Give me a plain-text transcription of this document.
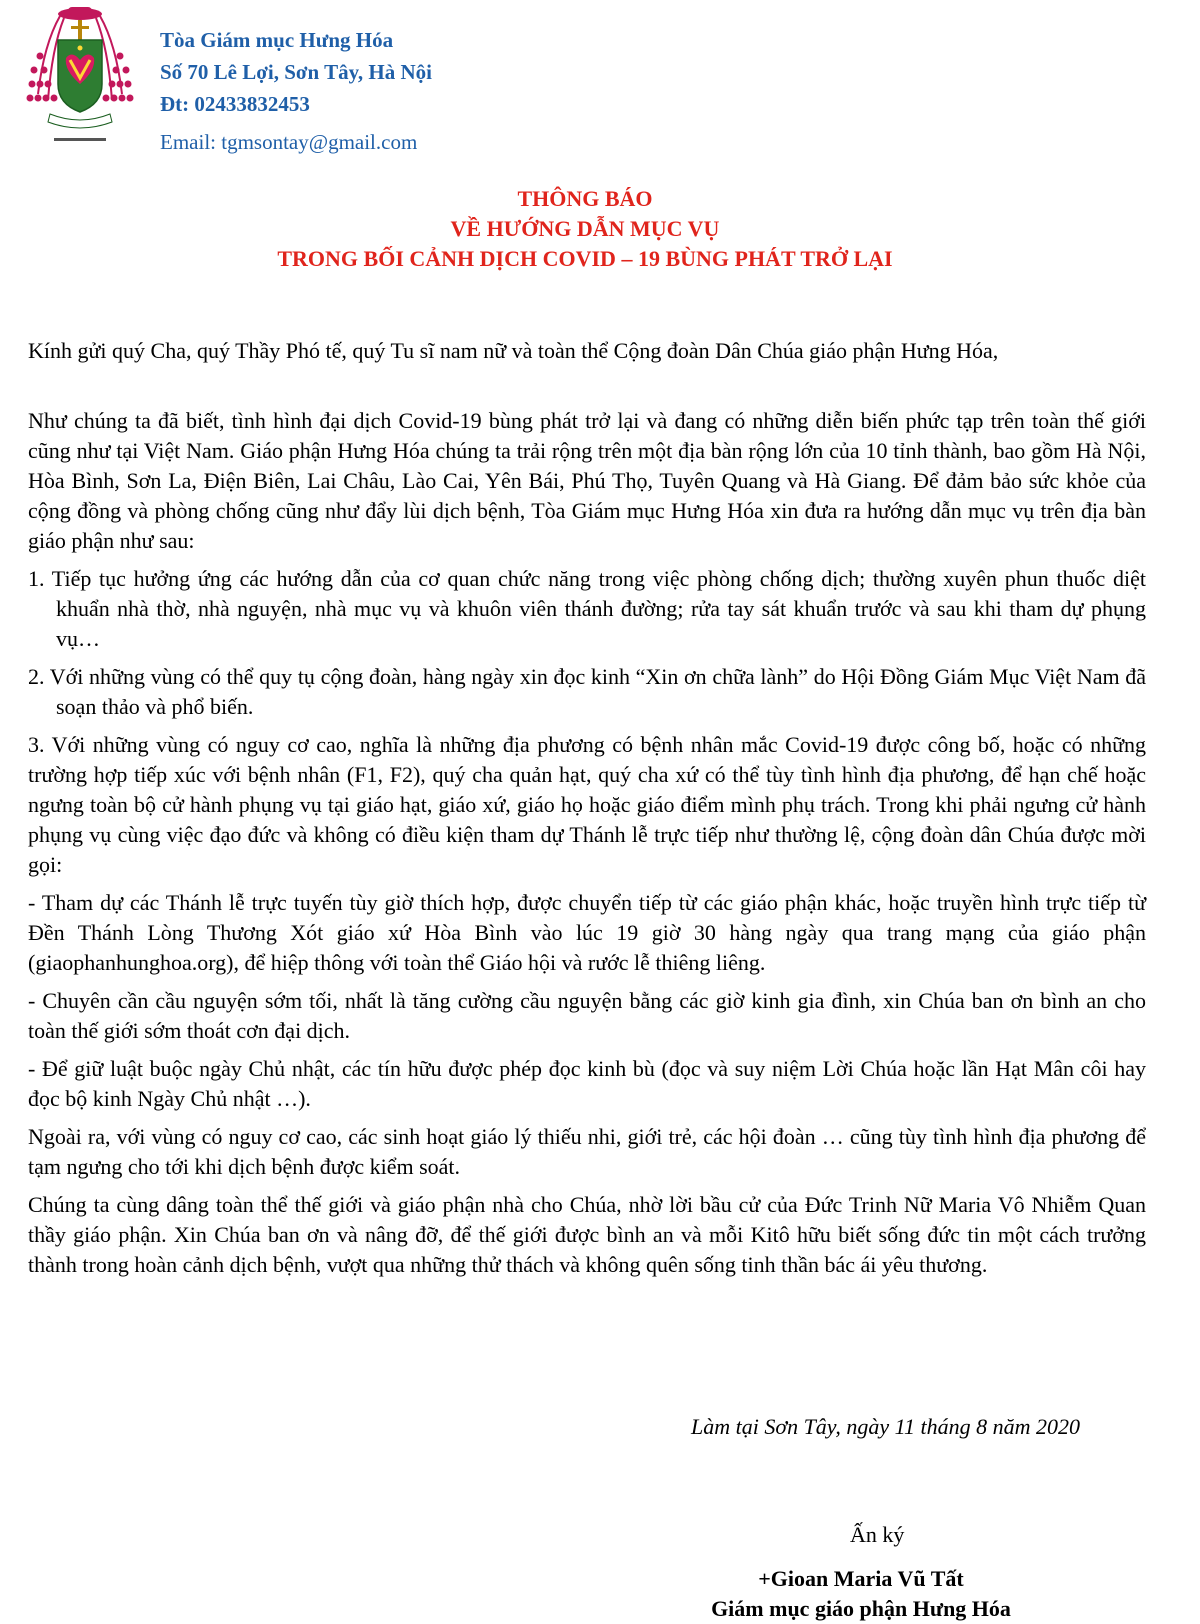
Tòa Giám mục Hưng Hóa
Số 70 Lê Lợi, Sơn Tây, Hà Nội
Đt: 02433832453
Email: tgmsontay@gmail.com
THÔNG BÁO
VỀ HƯỚNG DẪN MỤC VỤ
TRONG BỐI CẢNH DỊCH COVID – 19 BÙNG PHÁT TRỞ LẠI

Kính gửi quý Cha, quý Thầy Phó tế, quý Tu sĩ nam nữ và toàn thể Cộng đoàn Dân Chúa giáo phận Hưng Hóa,

Như chúng ta đã biết, tình hình đại dịch Covid-19 bùng phát trở lại và đang có những diễn biến phức tạp trên toàn thế giới cũng như tại Việt Nam. Giáo phận Hưng Hóa chúng ta trải rộng trên một địa bàn rộng lớn của 10 tỉnh thành, bao gồm Hà Nội, Hòa Bình, Sơn La, Điện Biên, Lai Châu, Lào Cai, Yên Bái, Phú Thọ, Tuyên Quang và Hà Giang. Để đảm bảo sức khỏe của cộng đồng và phòng chống cũng như đẩy lùi dịch bệnh, Tòa Giám mục Hưng Hóa xin đưa ra hướng dẫn mục vụ trên địa bàn giáo phận như sau:

1. Tiếp tục hưởng ứng các hướng dẫn của cơ quan chức năng trong việc phòng chống dịch; thường xuyên phun thuốc diệt khuẩn nhà thờ, nhà nguyện, nhà mục vụ và khuôn viên thánh đường; rửa tay sát khuẩn trước và sau khi tham dự phụng vụ…

2. Với những vùng có thể quy tụ cộng đoàn, hàng ngày xin đọc kinh “Xin ơn chữa lành” do Hội Đồng Giám Mục Việt Nam đã soạn thảo và phổ biến.

3. Với những vùng có nguy cơ cao, nghĩa là những địa phương có bệnh nhân mắc Covid-19 được công bố, hoặc có những trường hợp tiếp xúc với bệnh nhân (F1, F2), quý cha quản hạt, quý cha xứ có thể tùy tình hình địa phương, để hạn chế hoặc ngưng toàn bộ cử hành phụng vụ tại giáo hạt, giáo xứ, giáo họ hoặc giáo điểm mình phụ trách. Trong khi phải ngưng cử hành phụng vụ cùng việc đạo đức và không có điều kiện tham dự Thánh lễ trực tiếp như thường lệ, cộng đoàn dân Chúa được mời gọi:

- Tham dự các Thánh lễ trực tuyến tùy giờ thích hợp, được chuyển tiếp từ các giáo phận khác, hoặc truyền hình trực tiếp từ Đền Thánh Lòng Thương Xót giáo xứ Hòa Bình vào lúc 19 giờ 30 hàng ngày qua trang mạng của giáo phận (giaophanhunghoa.org), để hiệp thông với toàn thể Giáo hội và rước lễ thiêng liêng.

- Chuyên cần cầu nguyện sớm tối, nhất là tăng cường cầu nguyện bằng các giờ kinh gia đình, xin Chúa ban ơn bình an cho toàn thế giới sớm thoát cơn đại dịch.

- Để giữ luật buộc ngày Chủ nhật, các tín hữu được phép đọc kinh bù (đọc và suy niệm Lời Chúa hoặc lần Hạt Mân côi hay đọc bộ kinh Ngày Chủ nhật …).

Ngoài ra, với vùng có nguy cơ cao, các sinh hoạt giáo lý thiếu nhi, giới trẻ, các hội đoàn … cũng tùy tình hình địa phương để tạm ngưng cho tới khi dịch bệnh được kiểm soát.

Chúng ta cùng dâng toàn thể thế giới và giáo phận nhà cho Chúa, nhờ lời bầu cử của Đức Trinh Nữ Maria Vô Nhiễm Quan thầy giáo phận. Xin Chúa ban ơn và nâng đỡ, để thế giới được bình an và mỗi Kitô hữu biết sống đức tin một cách trưởng thành trong hoàn cảnh dịch bệnh, vượt qua những thử thách và không quên sống tinh thần bác ái yêu thương.

Làm tại Sơn Tây, ngày 11 tháng 8 năm 2020
Ấn ký
+Gioan Maria Vũ Tất
Giám mục giáo phận Hưng Hóa
